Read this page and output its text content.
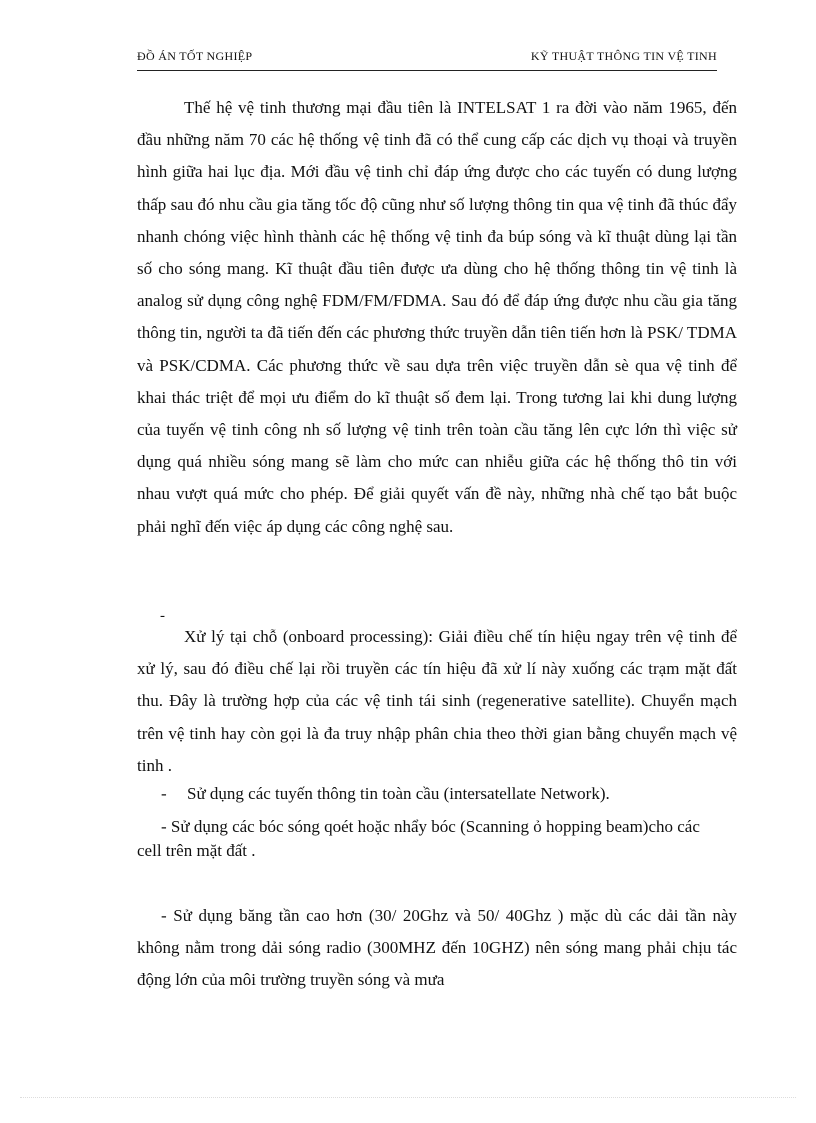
ĐỒ ÁN TỐT NGHIỆP	KỸ THUẬT THÔNG TIN VỆ TINH

Thế hệ vệ tinh thương mại đầu tiên là INTELSAT 1 ra đời vào năm 1965, đến đầu những năm 70 các hệ thống vệ tinh đã có thể cung cấp các dịch vụ thoại và truyền hình giữa hai lục địa. Mới đầu vệ tinh chỉ đáp ứng được cho các tuyến có dung lượng thấp sau đó nhu cầu gia tăng tốc độ cũng như số lượng thông tin qua vệ tinh đã thúc đẩy nhanh chóng việc hình thành các hệ thống vệ tinh đa búp sóng và kĩ thuật dùng lại tần số cho sóng mang. Kĩ thuật đầu tiên được ưa dùng cho hệ thống thông tin vệ tinh là analog sử dụng công nghệ FDM/FM/FDMA. Sau đó để đáp ứng được nhu cầu gia tăng thông tin, người ta đã tiến đến các phương thức truyền dẫn tiên tiến hơn là PSK/ TDMA và PSK/CDMA. Các phương thức về sau dựa trên việc truyền dẫn sè qua vệ tinh để khai thác triệt để mọi ưu điểm do kĩ thuật số đem lại. Trong tương lai khi dung lượng của tuyến vệ tinh công nh số lượng vệ tinh trên toàn cầu tăng lên cực lớn thì việc sử dụng quá nhiều sóng mang sẽ làm cho mức can nhiễu giữa các hệ thống thô tin với nhau vượt quá mức cho phép. Để giải quyết vấn đề này, những nhà chế tạo bắt buộc phải nghĩ đến việc áp dụng các công nghệ sau.

-

Xử lý tại chỗ (onboard processing): Giải điều chế tín hiệu ngay trên vệ tinh để xử lý, sau đó điều chế lại rồi truyền các tín hiệu đã xử lí này xuống các trạm mặt đất thu. Đây là trường hợp của các vệ tinh tái sinh (regenerative satellite). Chuyển mạch trên vệ tinh hay còn gọi là đa truy nhập phân chia theo thời gian bằng chuyển mạch vệ tinh .

- Sử dụng các tuyến thông tin toàn cầu (intersatellate Network).
- Sử dụng các bóc sóng qoét hoặc nhẩy bóc (Scanning ỏ hopping beam)cho các
cell trên mặt đất .

- Sử dụng băng tần cao hơn (30/ 20Ghz và 50/ 40Ghz ) mặc dù các dải tần này không nằm trong dải sóng radio (300MHZ đến 10GHZ) nên sóng mang phải chịu tác động lớn của môi trường truyền sóng và mưa
